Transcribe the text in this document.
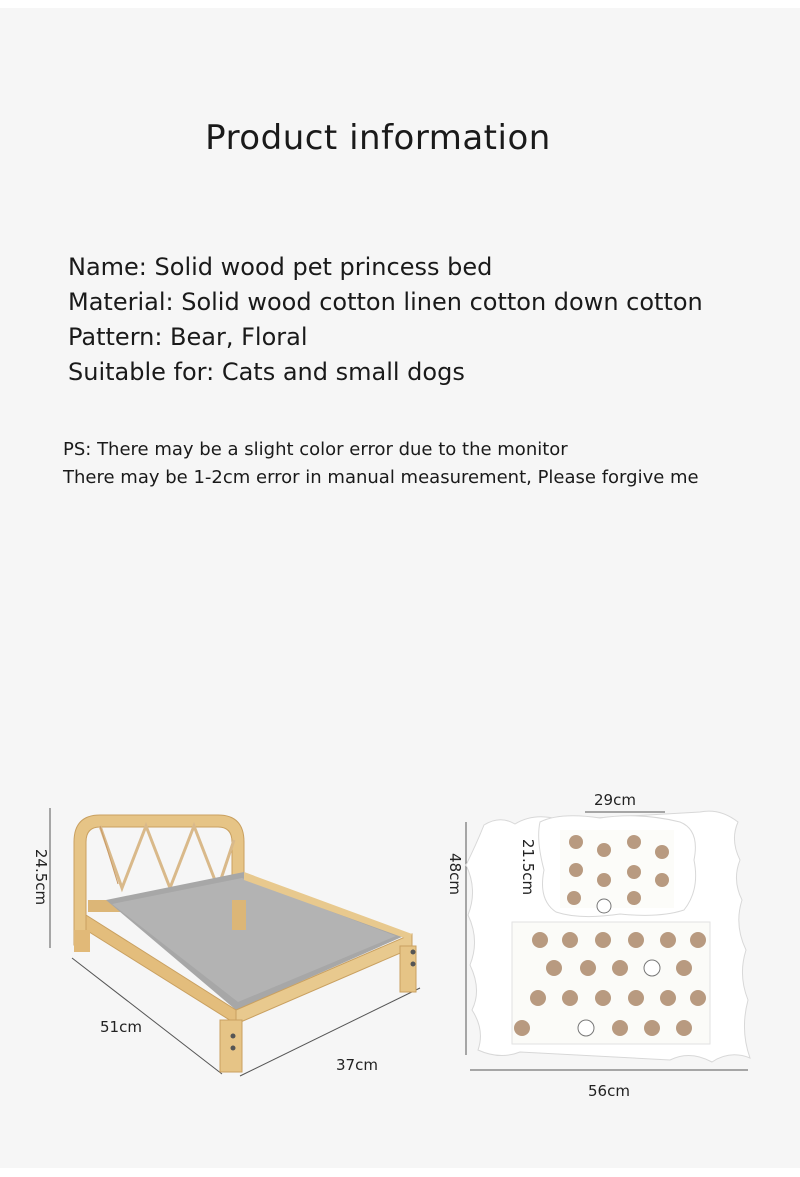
Product information
Name: Solid wood pet princess bed
Material: Solid wood cotton linen cotton down cotton
Pattern: Bear, Floral
Suitable for: Cats and small dogs
PS: There may be a slight color error due to the monitor
There may be 1-2cm error in manual measurement, Please forgive me
24.5cm
51cm
37cm
29cm
21.5cm
48cm
56cm
